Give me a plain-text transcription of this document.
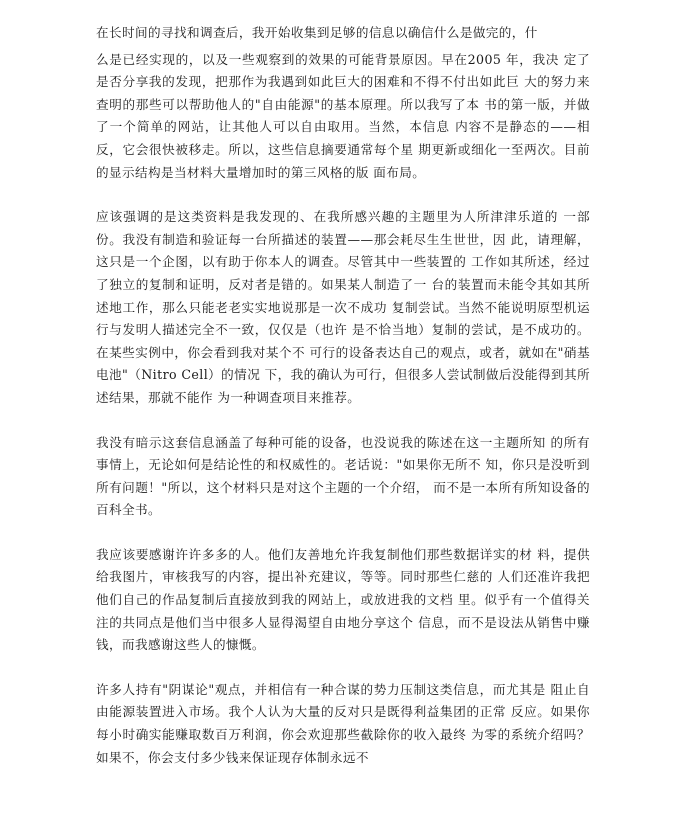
在长时间的寻找和调查后，我开始收集到足够的信息以确信什么是做完的，什

么是已经实现的，以及一些观察到的效果的可能背景原因。早在2005 年，我决 定了是否分享我的发现，把那作为我遇到如此巨大的困难和不得不付出如此巨 大的努力来查明的那些可以帮助他人的"自由能源"的基本原理。所以我写了本 书的第一版，并做了一个简单的网站，让其他人可以自由取用。当然，本信息 内容不是静态的——相反，它会很快被移走。所以，这些信息摘要通常每个星 期更新或细化一至两次。目前的显示结构是当材料大量增加时的第三风格的版 面布局。

应该强调的是这类资料是我发现的、在我所感兴趣的主题里为人所津津乐道的 一部份。我没有制造和验证每一台所描述的装置——那会耗尽生生世世，因 此，请理解，这只是一个企图，以有助于你本人的调查。尽管其中一些装置的 工作如其所述，经过了独立的复制和证明，反对者是错的。如果某人制造了一 台的装置而未能令其如其所述地工作，那么只能老老实实地说那是一次不成功 复制尝试。当然不能说明原型机运行与发明人描述完全不一致，仅仅是（也许 是不恰当地）复制的尝试，是不成功的。在某些实例中，你会看到我对某个不 可行的设备表达自己的观点，或者，就如在"硝基电池"（Nitro Cell）的情况 下，我的确认为可行，但很多人尝试制做后没能得到其所述结果，那就不能作 为一种调查项目来推荐。

我没有暗示这套信息涵盖了每种可能的设备，也没说我的陈述在这一主题所知 的所有事情上，无论如何是结论性的和权威性的。老话说："如果你无所不 知，你只是没听到所有问题！"所以，这个材料只是对这个主题的一个介绍， 而不是一本所有所知设备的百科全书。

我应该要感谢许许多多的人。他们友善地允许我复制他们那些数据详实的材 料，提供给我图片，审核我写的内容，提出补充建议，等等。同时那些仁慈的 人们还准许我把他们自己的作品复制后直接放到我的网站上，或放进我的文档 里。似乎有一个值得关注的共同点是他们当中很多人显得渴望自由地分享这个 信息，而不是设法从销售中赚钱，而我感谢这些人的慷慨。

许多人持有"阴谋论"观点，并相信有一种合谋的势力压制这类信息，而尤其是 阻止自由能源装置进入市场。我个人认为大量的反对只是既得利益集团的正常 反应。如果你每小时确实能赚取数百万利润，你会欢迎那些截除你的收入最终 为零的系统介绍吗？如果不，你会支付多少钱来保证现存体制永远不
